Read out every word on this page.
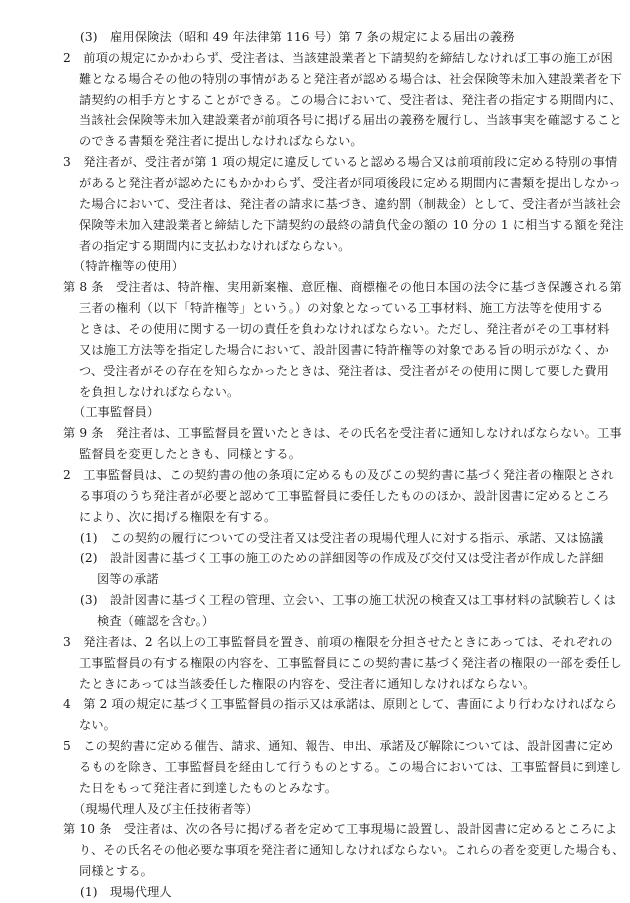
(3)　雇用保険法（昭和 49 年法律第 116 号）第 7 条の規定による届出の義務
2　前項の規定にかかわらず、受注者は、当該建設業者と下請契約を締結しなければ工事の施工が困
難となる場合その他の特別の事情があると発注者が認める場合は、社会保険等未加入建設業者を下
請契約の相手方とすることができる。この場合において、受注者は、発注者の指定する期間内に、
当該社会保険等未加入建設業者が前項各号に掲げる届出の義務を履行し、当該事実を確認すること
のできる書類を発注者に提出しなければならない。
3　発注者が、受注者が第 1 項の規定に違反していると認める場合又は前項前段に定める特別の事情
があると発注者が認めたにもかかわらず、受注者が同項後段に定める期間内に書類を提出しなかっ
た場合において、受注者は、発注者の請求に基づき、違約罰（制裁金）として、受注者が当該社会
保険等未加入建設業者と締結した下請契約の最終の請負代金の額の 10 分の 1 に相当する額を発注
者の指定する期間内に支払わなければならない。
（特許権等の使用）
第 8 条　受注者は、特許権、実用新案権、意匠権、商標権その他日本国の法令に基づき保護される第
三者の権利（以下「特許権等」という。）の対象となっている工事材料、施工方法等を使用する
ときは、その使用に関する一切の責任を負わなければならない。ただし、発注者がその工事材料
又は施工方法等を指定した場合において、設計図書に特許権等の対象である旨の明示がなく、か
つ、受注者がその存在を知らなかったときは、発注者は、受注者がその使用に関して要した費用
を負担しなければならない。
（工事監督員）
第 9 条　発注者は、工事監督員を置いたときは、その氏名を受注者に通知しなければならない。工事
監督員を変更したときも、同様とする。
2　工事監督員は、この契約書の他の条項に定めるもの及びこの契約書に基づく発注者の権限とされ
る事項のうち発注者が必要と認めて工事監督員に委任したもののほか、設計図書に定めるところ
により、次に掲げる権限を有する。
(1)　この契約の履行についての受注者又は受注者の現場代理人に対する指示、承諾、又は協議
(2)　設計図書に基づく工事の施工のための詳細図等の作成及び交付又は受注者が作成した詳細
図等の承諾
(3)　設計図書に基づく工程の管理、立会い、工事の施工状況の検査又は工事材料の試験若しくは
検査（確認を含む。）
3　発注者は、2 名以上の工事監督員を置き、前項の権限を分担させたときにあっては、それぞれの
工事監督員の有する権限の内容を、工事監督員にこの契約書に基づく発注者の権限の一部を委任し
たときにあっては当該委任した権限の内容を、受注者に通知しなければならない。
4　第 2 項の規定に基づく工事監督員の指示又は承諾は、原則として、書面により行わなければなら
ない。
5　この契約書に定める催告、請求、通知、報告、申出、承諾及び解除については、設計図書に定め
るものを除き、工事監督員を経由して行うものとする。この場合においては、工事監督員に到達し
た日をもって発注者に到達したものとみなす。
（現場代理人及び主任技術者等）
第 10 条　受注者は、次の各号に掲げる者を定めて工事現場に設置し、設計図書に定めるところによ
り、その氏名その他必要な事項を発注者に通知しなければならない。これらの者を変更した場合も、
同様とする。
(1)　現場代理人
